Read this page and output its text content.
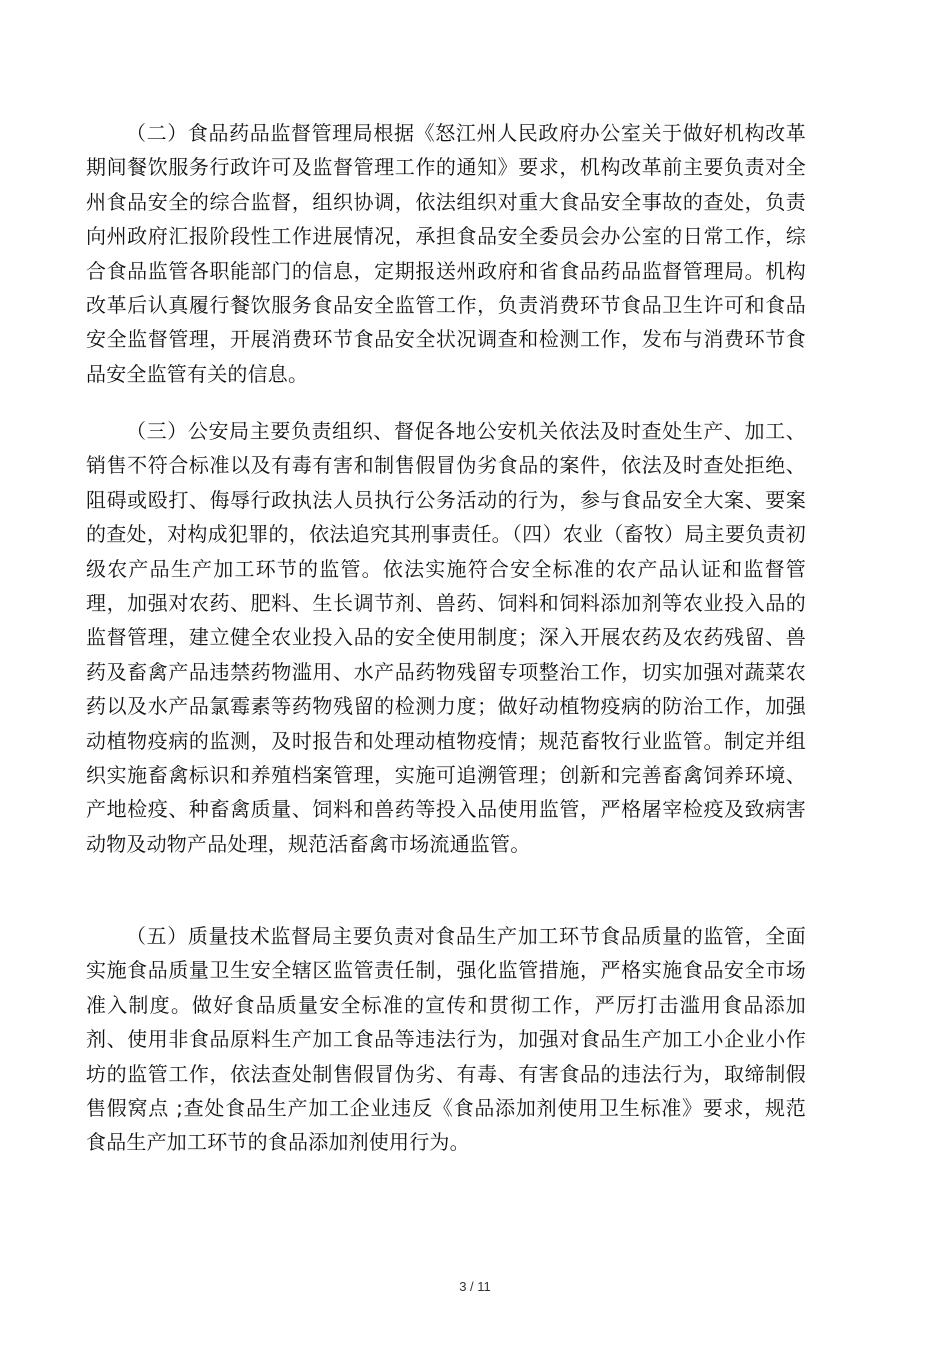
（二）食品药品监督管理局根据《怒江州人民政府办公室关于做好机构改革期间餐饮服务行政许可及监督管理工作的通知》要求，机构改革前主要负责对全州食品安全的综合监督，组织协调，依法组织对重大食品安全事故的查处，负责向州政府汇报阶段性工作进展情况，承担食品安全委员会办公室的日常工作，综合食品监管各职能部门的信息，定期报送州政府和省食品药品监督管理局。机构改革后认真履行餐饮服务食品安全监管工作，负责消费环节食品卫生许可和食品安全监督管理，开展消费环节食品安全状况调查和检测工作，发布与消费环节食品安全监管有关的信息。

（三）公安局主要负责组织、督促各地公安机关依法及时查处生产、加工、销售不符合标准以及有毒有害和制售假冒伪劣食品的案件，依法及时查处拒绝、阻碍或殴打、侮辱行政执法人员执行公务活动的行为，参与食品安全大案、要案的查处，对构成犯罪的，依法追究其刑事责任。（四）农业（畜牧）局主要负责初级农产品生产加工环节的监管。依法实施符合安全标准的农产品认证和监督管理，加强对农药、肥料、生长调节剂、兽药、饲料和饲料添加剂等农业投入品的监督管理，建立健全农业投入品的安全使用制度；深入开展农药及农药残留、兽药及畜禽产品违禁药物滥用、水产品药物残留专项整治工作，切实加强对蔬菜农药以及水产品氯霉素等药物残留的检测力度；做好动植物疫病的防治工作，加强动植物疫病的监测，及时报告和处理动植物疫情；规范畜牧行业监管。制定并组织实施畜禽标识和养殖档案管理，实施可追溯管理；创新和完善畜禽饲养环境、产地检疫、种畜禽质量、饲料和兽药等投入品使用监管，严格屠宰检疫及致病害动物及动物产品处理，规范活畜禽市场流通监管。

（五）质量技术监督局主要负责对食品生产加工环节食品质量的监管，全面实施食品质量卫生安全辖区监管责任制，强化监管措施，严格实施食品安全市场准入制度。做好食品质量安全标准的宣传和贯彻工作，严厉打击滥用食品添加剂、使用非食品原料生产加工食品等违法行为，加强对食品生产加工小企业小作坊的监管工作，依法查处制售假冒伪劣、有毒、有害食品的违法行为，取缔制假售假窝点 ;查处食品生产加工企业违反《食品添加剂使用卫生标准》要求，规范食品生产加工环节的食品添加剂使用行为。

3 / 11
